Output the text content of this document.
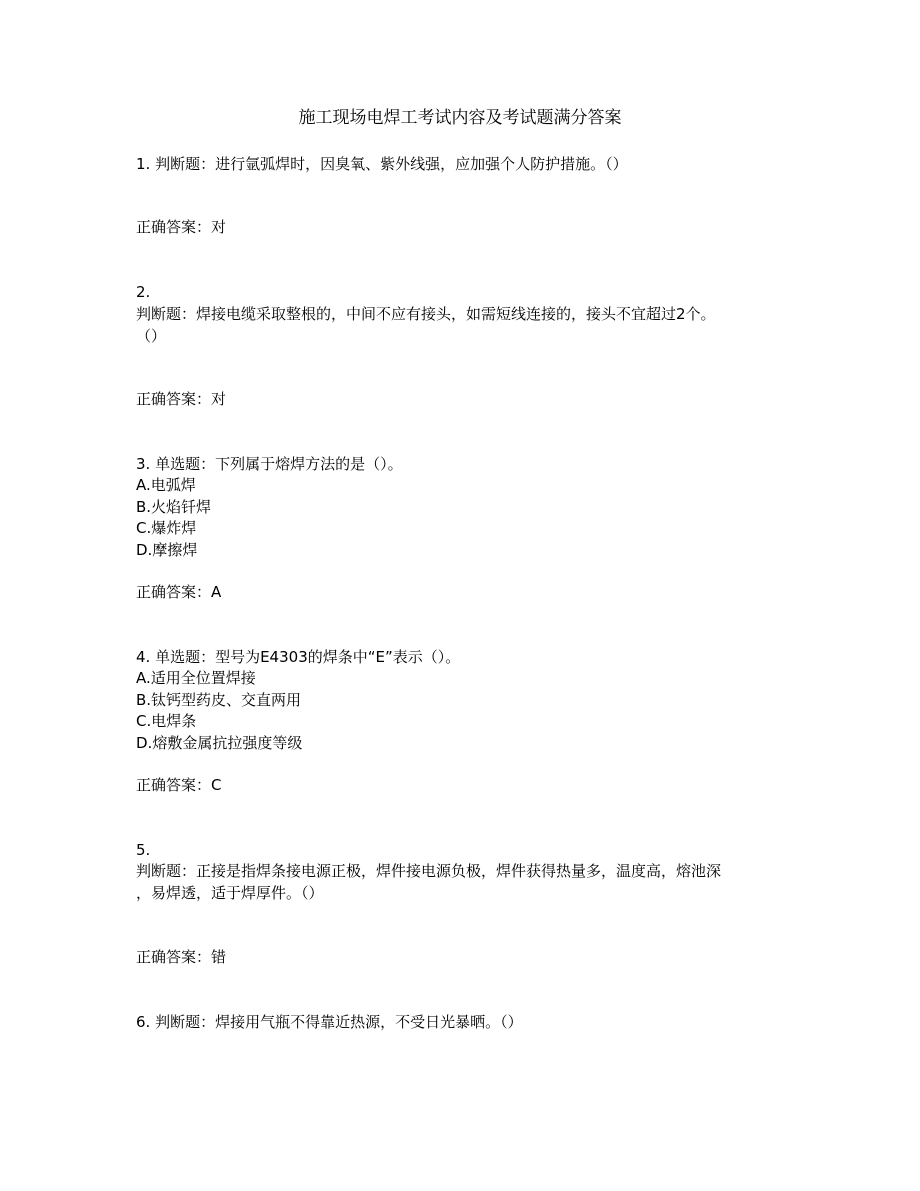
施工现场电焊工考试内容及考试题满分答案
1. 判断题：进行氩弧焊时，因臭氧、紫外线强，应加强个人防护措施。（）
正确答案：对
2.
判断题：焊接电缆采取整根的，中间不应有接头，如需短线连接的，接头不宜超过2个。
（）
正确答案：对
3. 单选题：下列属于熔焊方法的是（）。
A.电弧焊
B.火焰钎焊
C.爆炸焊
D.摩擦焊
正确答案：A
4. 单选题：型号为E4303的焊条中“E”表示（）。
A.适用全位置焊接
B.钛钙型药皮、交直两用
C.电焊条
D.熔敷金属抗拉强度等级
正确答案：C
5.
判断题：正接是指焊条接电源正极，焊件接电源负极，焊件获得热量多，温度高，熔池深
，易焊透，适于焊厚件。（）
正确答案：错
6. 判断题：焊接用气瓶不得靠近热源，不受日光暴晒。（）
